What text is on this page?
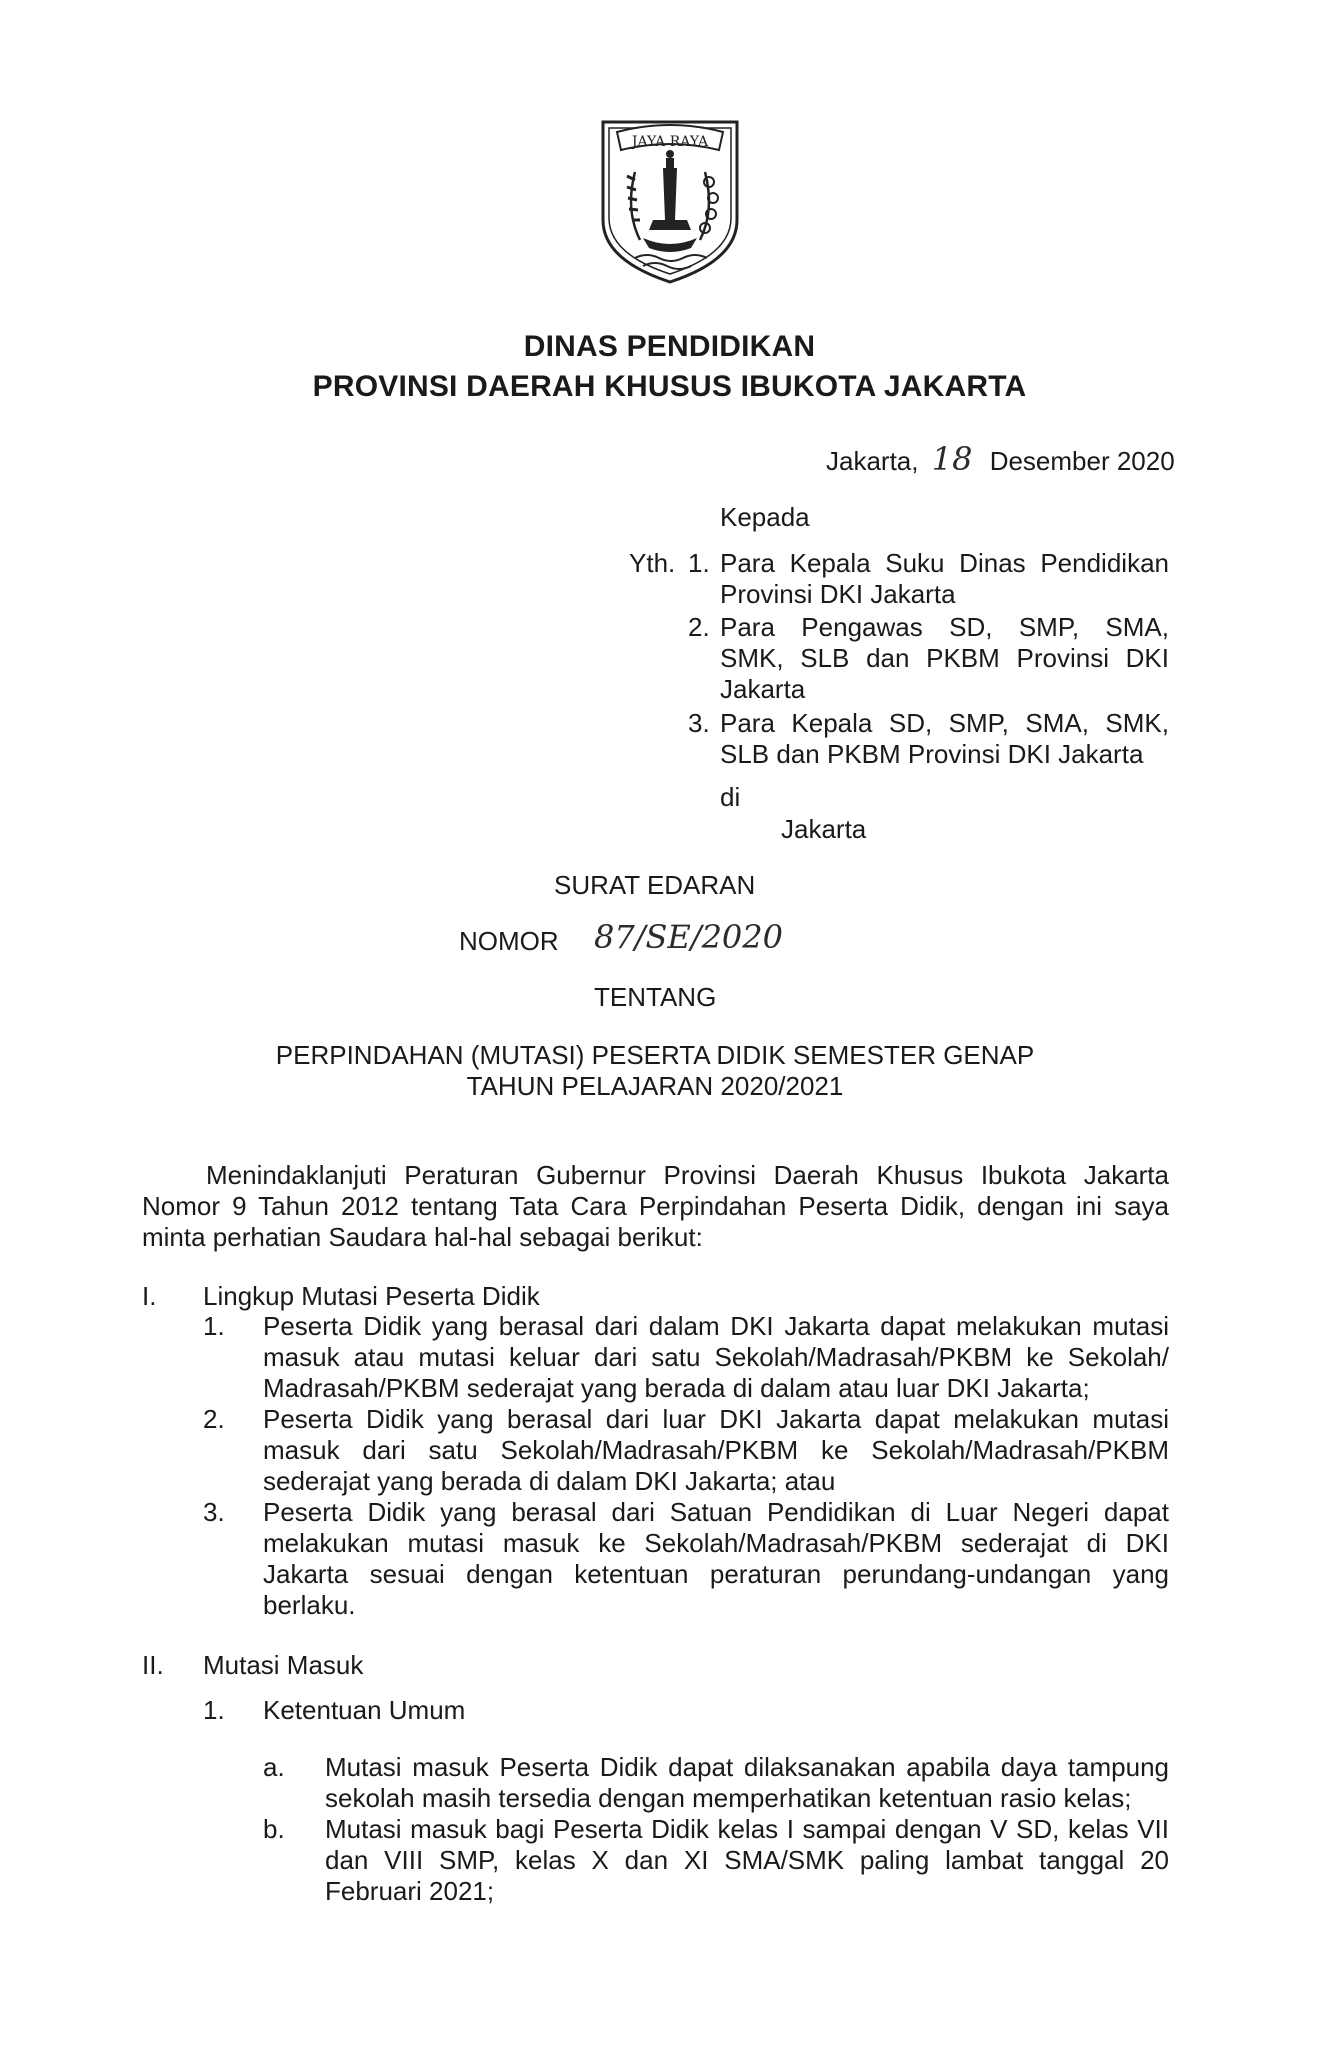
JAYA RAYA
DINAS PENDIDIKAN
PROVINSI DAERAH KHUSUS IBUKOTA JAKARTA
Jakarta, 18 Desember 2020
Kepada
Yth. 1. Para Kepala Suku Dinas Pendidikan
Provinsi DKI Jakarta
2. Para Pengawas SD, SMP, SMA,
SMK, SLB dan PKBM Provinsi DKI
Jakarta
3. Para Kepala SD, SMP, SMA, SMK,
SLB dan PKBM Provinsi DKI Jakarta
di
Jakarta
SURAT EDARAN
NOMOR 87/SE/2020
TENTANG
PERPINDAHAN (MUTASI) PESERTA DIDIK SEMESTER GENAP
TAHUN PELAJARAN 2020/2021
Menindaklanjuti Peraturan Gubernur Provinsi Daerah Khusus Ibukota Jakarta
Nomor 9 Tahun 2012 tentang Tata Cara Perpindahan Peserta Didik, dengan ini saya
minta perhatian Saudara hal-hal sebagai berikut:
I. Lingkup Mutasi Peserta Didik
1. Peserta Didik yang berasal dari dalam DKI Jakarta dapat melakukan mutasi
masuk atau mutasi keluar dari satu Sekolah/Madrasah/PKBM ke Sekolah/
Madrasah/PKBM sederajat yang berada di dalam atau luar DKI Jakarta;
2. Peserta Didik yang berasal dari luar DKI Jakarta dapat melakukan mutasi
masuk dari satu Sekolah/Madrasah/PKBM ke Sekolah/Madrasah/PKBM
sederajat yang berada di dalam DKI Jakarta; atau
3. Peserta Didik yang berasal dari Satuan Pendidikan di Luar Negeri dapat
melakukan mutasi masuk ke Sekolah/Madrasah/PKBM sederajat di DKI
Jakarta sesuai dengan ketentuan peraturan perundang-undangan yang
berlaku.
II. Mutasi Masuk
1. Ketentuan Umum
a. Mutasi masuk Peserta Didik dapat dilaksanakan apabila daya tampung
sekolah masih tersedia dengan memperhatikan ketentuan rasio kelas;
b. Mutasi masuk bagi Peserta Didik kelas I sampai dengan V SD, kelas VII
dan VIII SMP, kelas X dan XI SMA/SMK paling lambat tanggal 20
Februari 2021;
